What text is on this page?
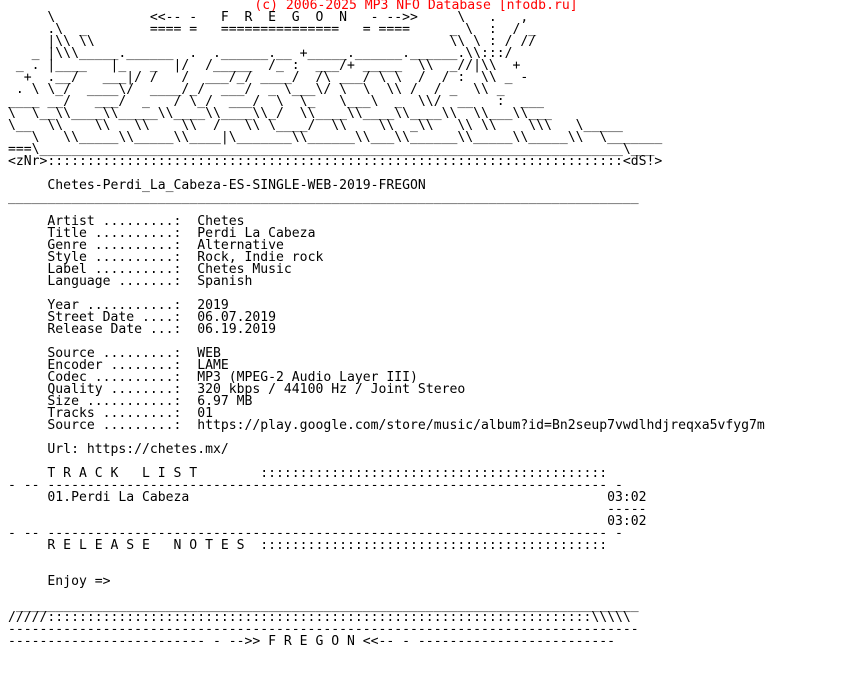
(c) 2006-2025 MP3 NFO Database [nfodb.ru]
\            <<-- -   F  R  E  G  O  N   - -->>     \   .   ,
.\  _        ==== =   ===============   = ====     _ \  :  / _
|\\ \\                                             \\ \ : / //
_ |\\\_____.______  .  .______.__ +_____.______.______.\\:::/
_ . |____   |_   _  |/  /_____  /_ :  ___/+ _____  \\  _//|\\  +
+  .__/   ___|/ /   /  ___/_/ ____/  /\ ___/ \ \  /  / :  \\ _ -
. \ \_/  ____\/  ____/_/  ___/  _ \___\/ \  \  \\ /  / _  \\ _
____ __/   ___/  _   / \_/  ___/  \  \_   \___\  _  \\/  __   :  ___
\  \__\\____\\_____\\____\\____\\_/  \\____\\____\\____\\  \\___\\___
\__  \\    \\   \\    \\  /   \\ \____/  \\    \\  _\\   \\ \\    \\\   \_____
\   \\_____\\_____\\____|\_______\\______\\___\\______\\_____\\_____\\  \_______
===\__________________________________________________________________________\___
<zNr>:::::::::::::::::::::::::::::::::::::::::::::::::::::::::::::::::::::::::<dS!>
Chetes-Perdi_La_Cabeza-ES-SINGLE-WEB-2019-FREGON
________________________________________________________________________________
Artist .........:  Chetes
Title ..........:  Perdi La Cabeza
Genre ..........:  Alternative
Style ..........:  Rock, Indie rock
Label ..........:  Chetes Music
Language .......:  Spanish
Year ...........:  2019
Street Date ....:  06.07.2019
Release Date ...:  06.19.2019
Source .........:  WEB
Encoder ........:  LAME
Codec ..........:  MP3 (MPEG-2 Audio Layer III)
Quality ........:  320 kbps / 44100 Hz / Joint Stereo
Size ...........:  6.97 MB
Tracks .........:  01
Source .........:  https://play.google.com/store/music/album?id=Bn2seup7vwdlhdjreqxa5vfyg7m
Url: https://chetes.mx/
T R A C K   L I S T        ::::::::::::::::::::::::::::::::::::::::::::
- -- ----------------------------------------------------------------------- -
01.Perdi La Cabeza	03:02
-----
03:02
- -- ----------------------------------------------------------------------- -
R E L E A S E   N O T E S  ::::::::::::::::::::::::::::::::::::::::::::
Enjoy =>
_______________________________________________________________________________
/////:::::::::::::::::::::::::::::::::::::::::::::::::::::::::::::::::::::\\\\\
--------------------------------------------------------------------------------
------------------------- - -->> F R E G O N <<-- - -------------------------
